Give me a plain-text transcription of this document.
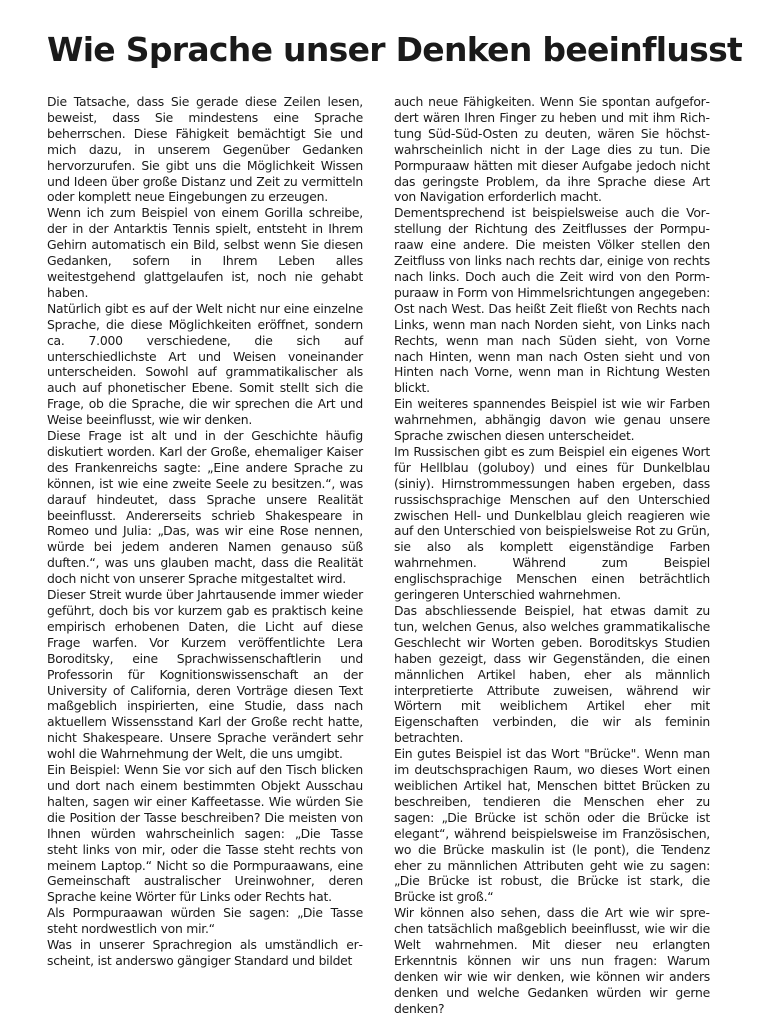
Wie Sprache unser Denken beeinflusst

Die Tatsache, dass Sie gerade diese Zeilen lesen, beweist, dass Sie mindestens eine Sprache beherrschen. Diese Fähigkeit bemächtigt Sie und mich dazu, in unserem Gegenüber Gedanken hervorzurufen. Sie gibt uns die Möglichkeit Wissen und Ideen über große Distanz und Zeit zu vermitteln oder komplett neue Eingebungen zu erzeugen.

Wenn ich zum Beispiel von einem Gorilla schreibe, der in der Antarktis Tennis spielt, entsteht in Ihrem Gehirn automatisch ein Bild, selbst wenn Sie diesen Gedanken, sofern in Ihrem Leben alles weitestgehend glattgelaufen ist, noch nie gehabt haben.

Natürlich gibt es auf der Welt nicht nur eine einzelne Sprache, die diese Möglichkeiten eröffnet, sondern ca. 7.000 verschiedene, die sich auf unterschiedlichste Art und Weisen voneinander unterscheiden. Sowohl auf grammatikalischer als auch auf phonetischer Ebene. Somit stellt sich die Frage, ob die Sprache, die wir sprechen die Art und Weise beeinflusst, wie wir denken.

Diese Frage ist alt und in der Geschichte häufig diskutiert worden. Karl der Große, ehemaliger Kaiser des Frankenreichs sagte: „Eine andere Sprache zu können, ist wie eine zweite Seele zu besitzen.“, was darauf hindeutet, dass Sprache unsere Realität beeinflusst. Andererseits schrieb Shakespeare in Romeo und Julia: „Das, was wir eine Rose nennen, würde bei jedem anderen Namen genauso süß duften.“, was uns glauben macht, dass die Realität doch nicht von unserer Sprache mitgestaltet wird.

Dieser Streit wurde über Jahrtausende immer wieder geführt, doch bis vor kurzem gab es praktisch keine empirisch erhobenen Daten, die Licht auf diese Frage warfen. Vor Kurzem veröffentlichte Lera Boroditsky, eine Sprachwissenschaftlerin und Professorin für Kognitionswissenschaft an der University of California, deren Vorträge diesen Text maßgeblich inspirierten, eine Studie, dass nach aktuellem Wissensstand Karl der Große recht hatte, nicht Shakespeare. Unsere Sprache verändert sehr wohl die Wahrnehmung der Welt, die uns umgibt.

Ein Beispiel: Wenn Sie vor sich auf den Tisch blicken und dort nach einem bestimmten Objekt Ausschau halten, sagen wir einer Kaffeetasse. Wie würden Sie die Position der Tasse beschreiben? Die meisten von Ihnen würden wahrscheinlich sagen: „Die Tasse steht links von mir, oder die Tasse steht rechts von meinem Laptop.“ Nicht so die Pormpuraawans, eine Gemeinschaft australischer Ureinwohner, deren Sprache keine Wörter für Links oder Rechts hat.

Als Pormpuraawan würden Sie sagen: „Die Tasse steht nordwestlich von mir.“

Was in unserer Sprachregion als umständlich erscheint, ist anderswo gängiger Standard und bildet

auch neue Fähigkeiten. Wenn Sie spontan aufgefordert wären Ihren Finger zu heben und mit ihm Richtung Süd-Süd-Osten zu deuten, wären Sie höchstwahrscheinlich nicht in der Lage dies zu tun. Die Pormpuraaw hätten mit dieser Aufgabe jedoch nicht das geringste Problem, da ihre Sprache diese Art von Navigation erforderlich macht.

Dementsprechend ist beispielsweise auch die Vorstellung der Richtung des Zeitflusses der Pormpuraaw eine andere. Die meisten Völker stellen den Zeitfluss von links nach rechts dar, einige von rechts nach links. Doch auch die Zeit wird von den Pormpuraaw in Form von Himmelsrichtungen angegeben: Ost nach West. Das heißt Zeit fließt von Rechts nach Links, wenn man nach Norden sieht, von Links nach Rechts, wenn man nach Süden sieht, von Vorne nach Hinten, wenn man nach Osten sieht und von Hinten nach Vorne, wenn man in Richtung Westen blickt.

Ein weiteres spannendes Beispiel ist wie wir Farben wahrnehmen, abhängig davon wie genau unsere Sprache zwischen diesen unterscheidet.

Im Russischen gibt es zum Beispiel ein eigenes Wort für Hellblau (goluboy) und eines für Dunkelblau (siniy). Hirnstrommessungen haben ergeben, dass russischsprachige Menschen auf den Unterschied zwischen Hell- und Dunkelblau gleich reagieren wie auf den Unterschied von beispielsweise Rot zu Grün, sie also als komplett eigenständige Farben wahrnehmen. Während zum Beispiel englischsprachige Menschen einen beträchtlich geringeren Unterschied wahrnehmen.

Das abschliessende Beispiel, hat etwas damit zu tun, welchen Genus, also welches grammatikalische Geschlecht wir Worten geben. Boroditskys Studien haben gezeigt, dass wir Gegenständen, die einen männlichen Artikel haben, eher als männlich interpretierte Attribute zuweisen, während wir Wörtern mit weiblichem Artikel eher mit Eigenschaften verbinden, die wir als feminin betrachten.

Ein gutes Beispiel ist das Wort "Brücke". Wenn man im deutschsprachigen Raum, wo dieses Wort einen weiblichen Artikel hat, Menschen bittet Brücken zu beschreiben, tendieren die Menschen eher zu sagen: „Die Brücke ist schön oder die Brücke ist elegant“, während beispielsweise im Französischen, wo die Brücke maskulin ist (le pont), die Tendenz eher zu männlichen Attributen geht wie zu sagen: „Die Brücke ist robust, die Brücke ist stark, die Brücke ist groß.“

Wir können also sehen, dass die Art wie wir sprechen tatsächlich maßgeblich beeinflusst, wie wir die Welt wahrnehmen. Mit dieser neu erlangten Erkenntnis können wir uns nun fragen: Warum denken wir wie wir denken, wie können wir anders denken und welche Gedanken würden wir gerne denken?
